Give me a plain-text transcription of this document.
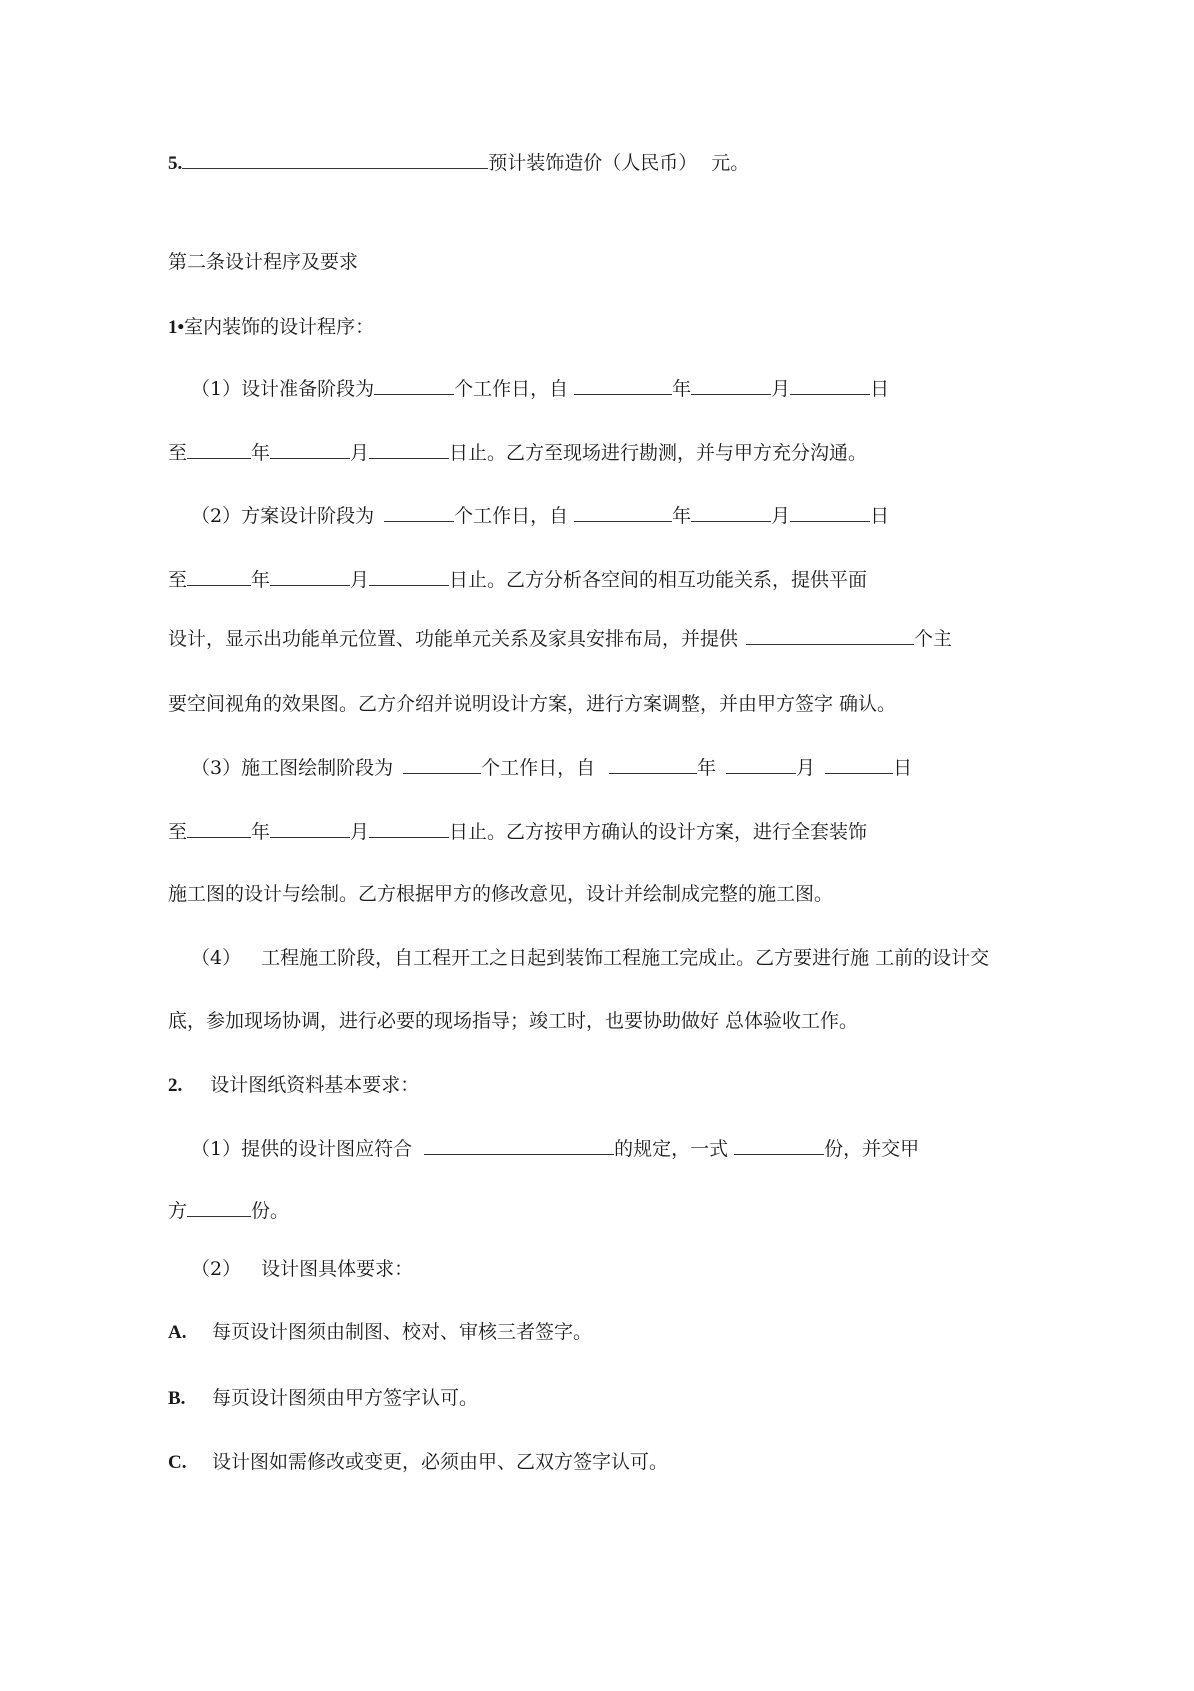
5.	预计装饰造价（人民币） 元。
第二条设计程序及要求
1•室内装饰的设计程序：
（1）设计准备阶段为	个工作日，自	年	月	日
至	年	月	日止。乙方至现场进行勘测，并与甲方充分沟通。
（2）方案设计阶段为	个工作日，自	年	月	日
至	年	月	日止。乙方分析各空间的相互功能关系，提供平面
设计，显示出功能单元位置、功能单元关系及家具安排布局，并提供	个主
要空间视角的效果图。乙方介绍并说明设计方案，进行方案调整，并由甲方签字 确认。
（3）施工图绘制阶段为	个工作日，自	年	月	日
至	年	月	日止。乙方按甲方确认的设计方案，进行全套装饰
施工图的设计与绘制。乙方根据甲方的修改意见，设计并绘制成完整的施工图。
（4） 工程施工阶段，自工程开工之日起到装饰工程施工完成止。乙方要进行施 工前的设计交
底，参加现场协调，进行必要的现场指导；竣工时，也要协助做好 总体验收工作。
2. 设计图纸资料基本要求：
（1）提供的设计图应符合	的规定，一式	份，并交甲
方	份。
（2） 设计图具体要求：
A. 每页设计图须由制图、校对、审核三者签字。
B. 每页设计图须由甲方签字认可。
C. 设计图如需修改或变更，必须由甲、乙双方签字认可。
